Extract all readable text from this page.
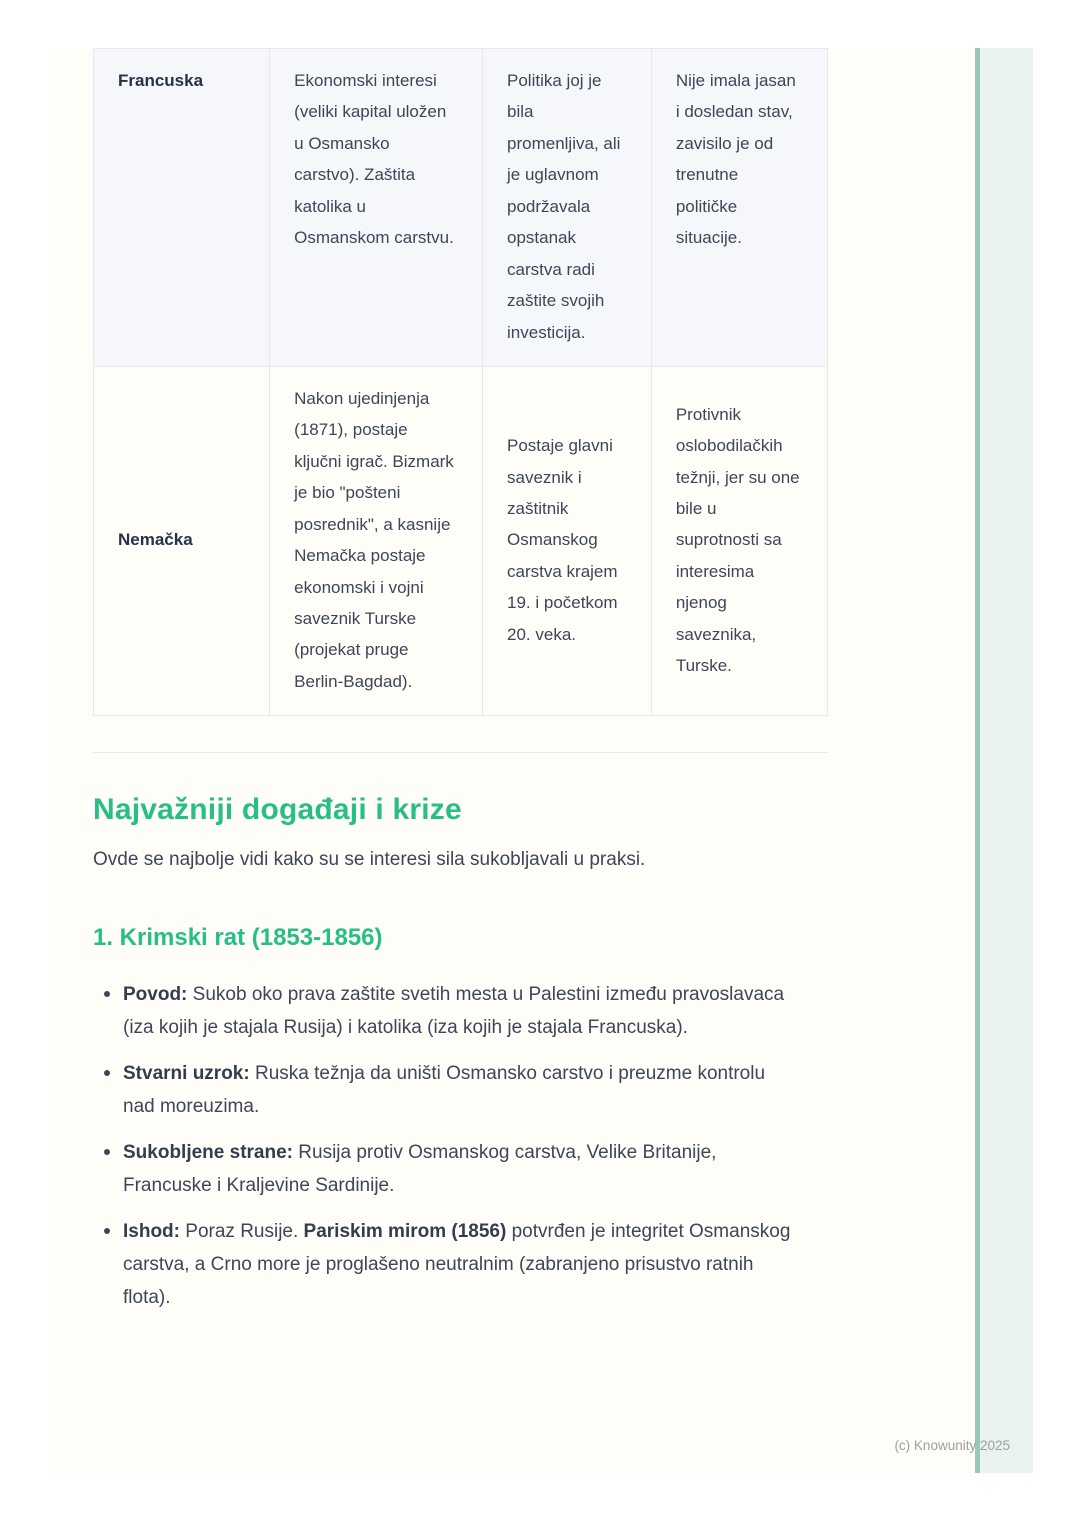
Francuska	Ekonomski interesi (veliki kapital uložen u Osmansko carstvo). Zaštita katolika u Osmanskom carstvu.	Politika joj je bila promenljiva, ali je uglavnom podržavala opstanak carstva radi zaštite svojih investicija.	Nije imala jasan i dosledan stav, zavisilo je od trenutne političke situacije.
Nemačka	Nakon ujedinjenja (1871), postaje ključni igrač. Bizmark je bio "pošteni posrednik", a kasnije Nemačka postaje ekonomski i vojni saveznik Turske (projekat pruge Berlin-Bagdad).	Postaje glavni saveznik i zaštitnik Osmanskog carstva krajem 19. i početkom 20. veka.	Protivnik oslobodilačkih težnji, jer su one bile u suprotnosti sa interesima njenog saveznika, Turske.
Najvažniji događaji i krize

Ovde se najbolje vidi kako su se interesi sila sukobljavali u praksi.

1. Krimski rat (1853-1856)
Povod: Sukob oko prava zaštite svetih mesta u Palestini između pravoslavaca (iza kojih je stajala Rusija) i katolika (iza kojih je stajala Francuska).
Stvarni uzrok: Ruska težnja da uništi Osmansko carstvo i preuzme kontrolu nad moreuzima.
Sukobljene strane: Rusija protiv Osmanskog carstva, Velike Britanije, Francuske i Kraljevine Sardinije.
Ishod: Poraz Rusije. Pariskim mirom (1856) potvrđen je integritet Osmanskog carstva, a Crno more je proglašeno neutralnim (zabranjeno prisustvo ratnih flota).
(c) Knowunity 2025
